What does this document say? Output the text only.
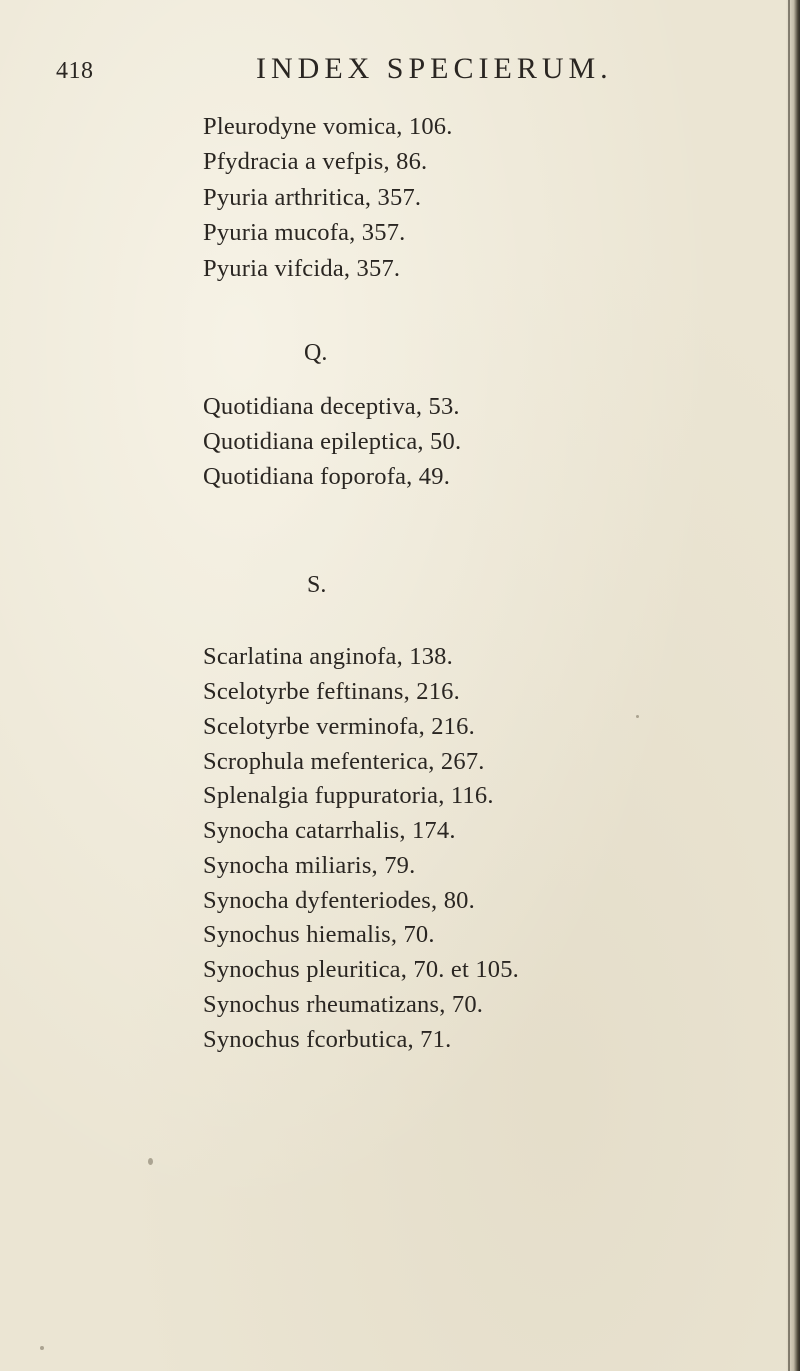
418	INDEX SPECIERUM.
Pleurodyne vomica, 106.
Pfydracia a vefpis, 86.
Pyuria arthritica, 357.
Pyuria mucofa, 357.
Pyuria vifcida, 357.
Q.
Quotidiana deceptiva, 53.
Quotidiana epileptica, 50.
Quotidiana foporofa, 49.
S.
Scarlatina anginofa, 138.
Scelotyrbe feftinans, 216.
Scelotyrbe verminofa, 216.
Scrophula mefenterica, 267.
Splenalgia fuppuratoria, 116.
Synocha catarrhalis, 174.
Synocha miliaris, 79.
Synocha dyfenteriodes, 80.
Synochus hiemalis, 70.
Synochus pleuritica, 70. et 105.
Synochus rheumatizans, 70.
Synochus fcorbutica, 71.
